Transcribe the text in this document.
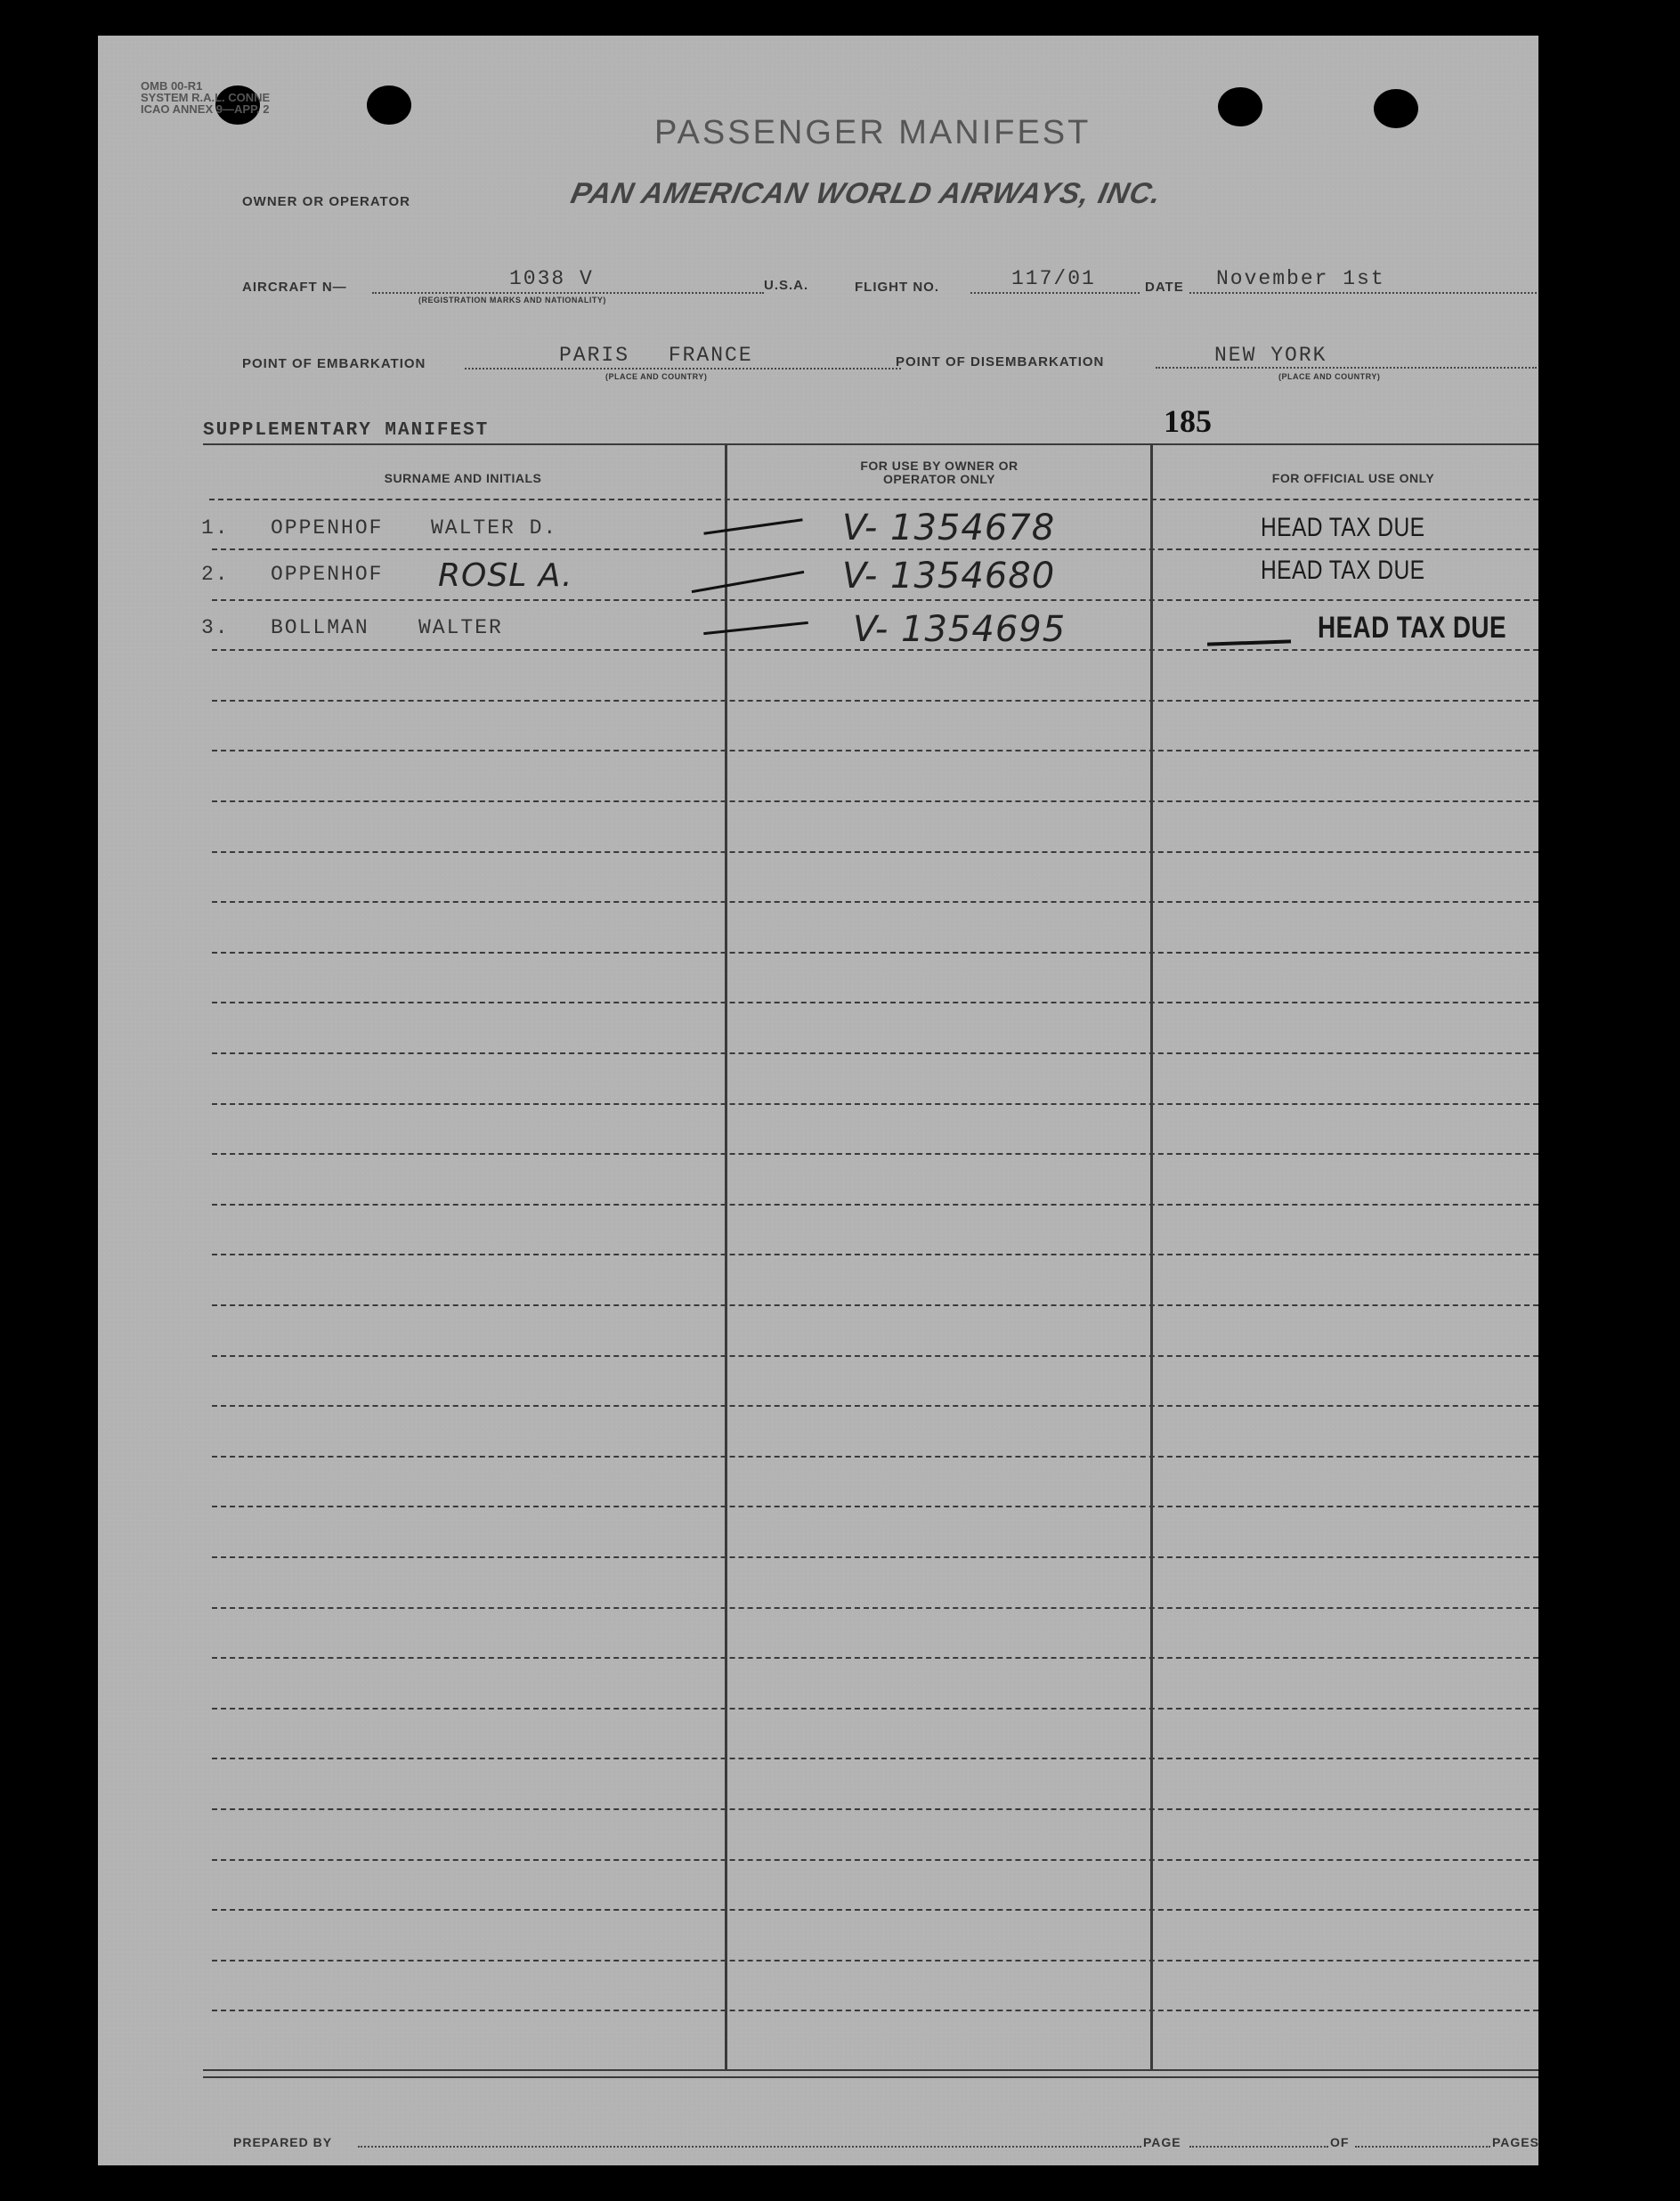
OMB 00-R1
SYSTEM R.A.L. CONNE
ICAO ANNEX 9—APP. 2
PASSENGER MANIFEST
OWNER OR OPERATOR	PAN AMERICAN WORLD AIRWAYS, INC.
AIRCRAFT N—	1038 V
(REGISTRATION MARKS AND NATIONALITY)
U.S.A.	FLIGHT NO.	117/01	DATE November 1st
POINT OF EMBARKATION	PARIS FRANCE
(PLACE AND COUNTRY)
POINT OF DISEMBARKATION	NEW YORK
(PLACE AND COUNTRY)
SUPPLEMENTARY MANIFEST	185
SURNAME AND INITIALS
FOR USE BY OWNER OR OPERATOR ONLY	FOR OFFICIAL USE ONLY
1. OPPENHOF WALTER D.	V- 1354678	HEAD TAX DUE
2. OPPENHOF ROSL A.	V- 1354680	HEAD TAX DUE
3. BOLLMAN WALTER	V- 1354695	HEAD TAX DUE
PREPARED BY	PAGE	OF	PAGES
